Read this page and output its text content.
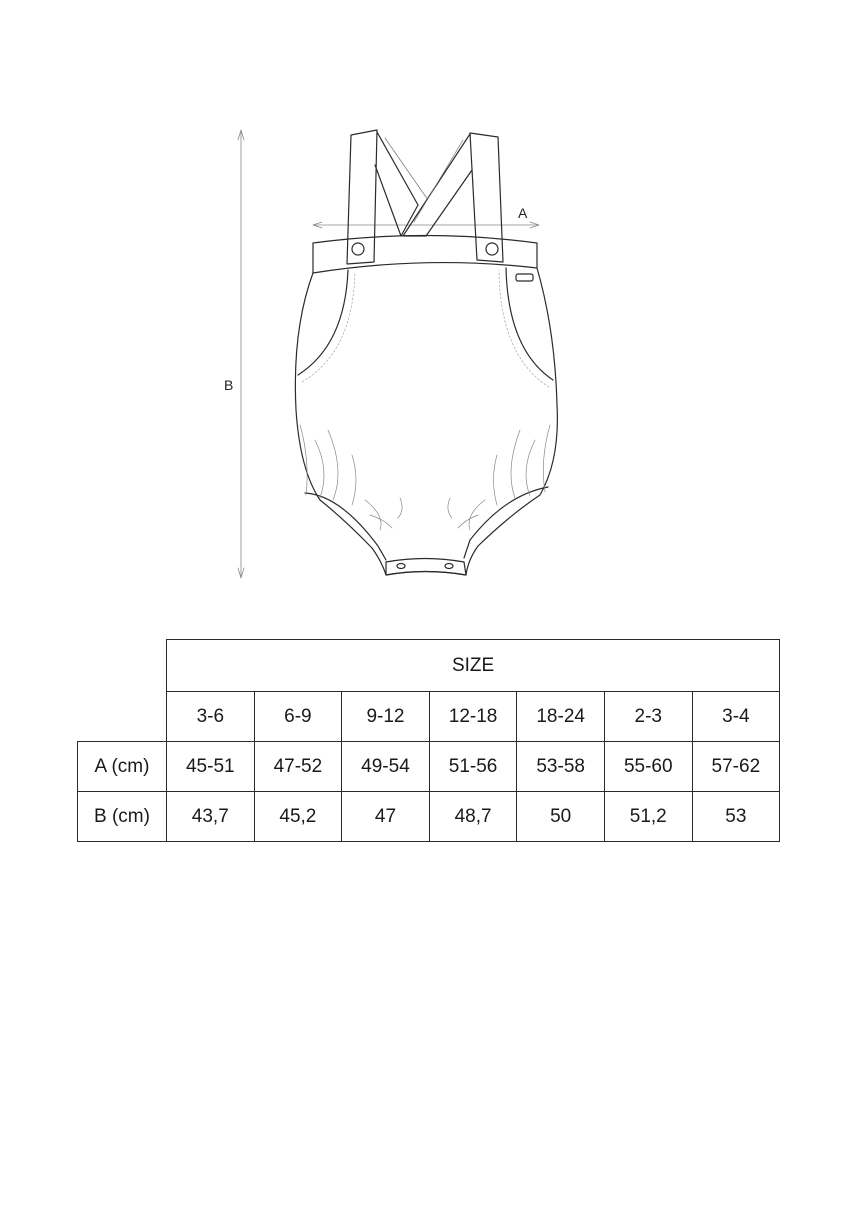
A
B
	SIZE						
	3-6	6-9	9-12	12-18	18-24	2-3	3-4
A (cm)	45-51	47-52	49-54	51-56	53-58	55-60	57-62
B (cm)	43,7	45,2	47	48,7	50	51,2	53
